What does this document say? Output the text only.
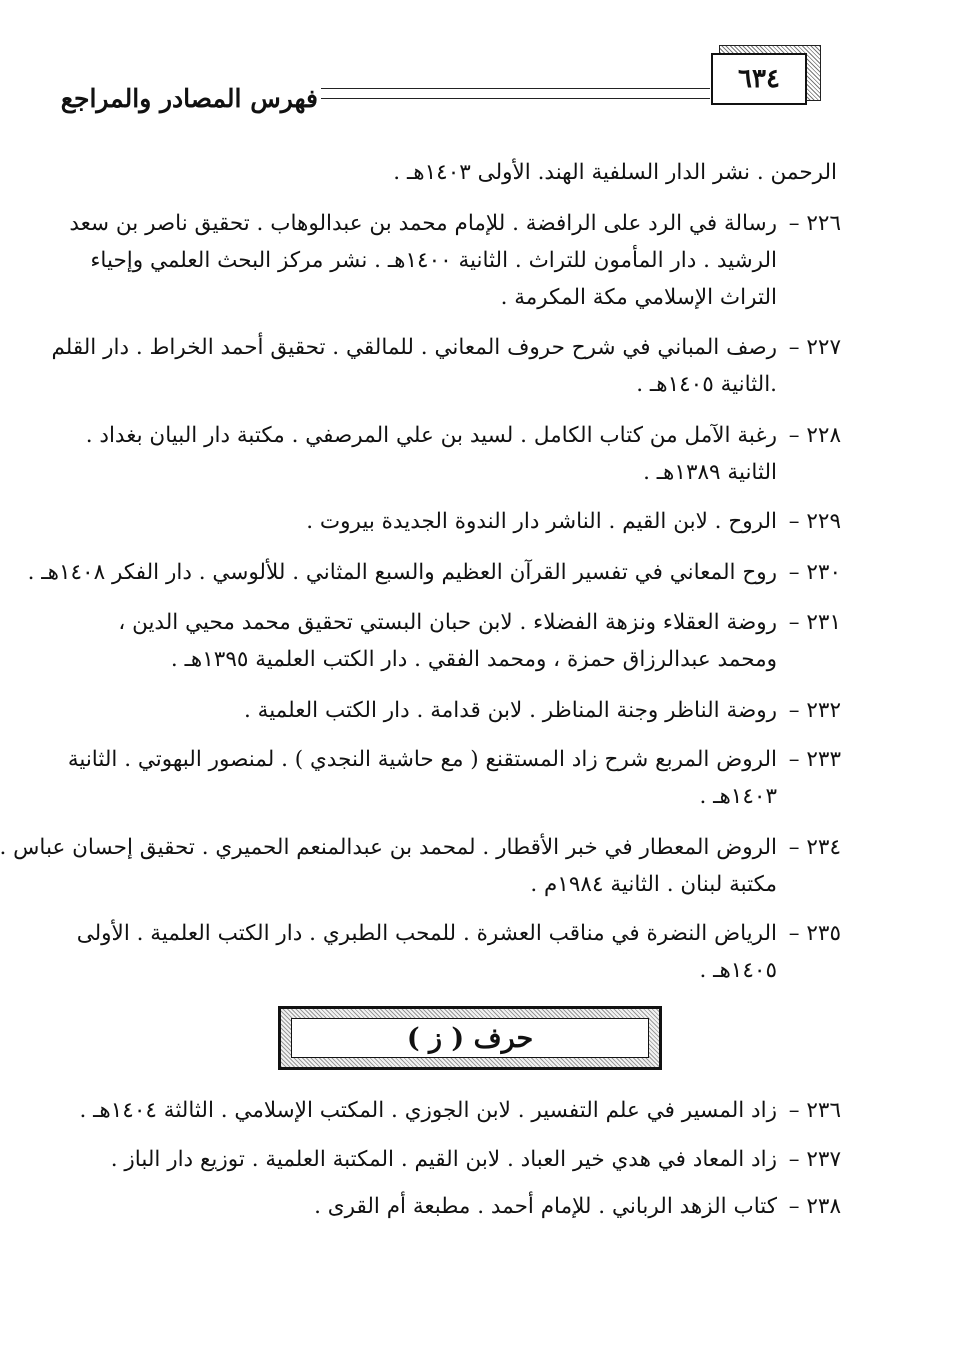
فهرس المصادر والمراجع
٦٣٤
الرحمن . نشر الدار السلفية الهند. الأولى ١٤٠٣هـ .
٢٢٦ –
رسالة في الرد على الرافضة . للإمام محمد بن عبدالوهاب . تحقيق ناصر بن سعد
الرشيد . دار المأمون للتراث . الثانية ١٤٠٠هـ . نشر مركز البحث العلمي وإحياء
التراث الإسلامي مكة المكرمة .
٢٢٧ –
رصف المباني في شرح حروف المعاني . للمالقي . تحقيق أحمد الخراط . دار القلم
.الثانية ١٤٠٥هـ .
٢٢٨ –
رغبة الآمل من كتاب الكامل . لسيد بن علي المرصفي . مكتبة دار البيان بغداد .
الثانية ١٣٨٩هـ .
٢٢٩ –
الروح . لابن القيم . الناشر دار الندوة الجديدة بيروت .
٢٣٠ –
روح المعاني في تفسير القرآن العظيم والسبع المثاني . للألوسي . دار الفكر ١٤٠٨هـ .
٢٣١ –
روضة العقلاء ونزهة الفضلاء . لابن حبان البستي تحقيق محمد محيي الدين ،
ومحمد عبدالرزاق حمزة ، ومحمد الفقي . دار الكتب العلمية ١٣٩٥هـ .
٢٣٢ –
روضة الناظر وجنة المناظر . لابن قدامة . دار الكتب العلمية .
٢٣٣ –
الروض المربع شرح زاد المستقنع ( مع حاشية النجدي ) . لمنصور البهوتي . الثانية
١٤٠٣هـ .
٢٣٤ –
الروض المعطار في خبر الأقطار . لمحمد بن عبدالمنعم الحميري . تحقيق إحسان عباس .
مكتبة لبنان . الثانية ١٩٨٤م .
٢٣٥ –
الرياض النضرة في مناقب العشرة . للمحب الطبري . دار الكتب العلمية . الأولى
١٤٠٥هـ .
حرف ( ز )
٢٣٦ –
زاد المسير في علم التفسير . لابن الجوزي . المكتب الإسلامي . الثالثة ١٤٠٤هـ .
٢٣٧ –
زاد المعاد في هدي خير العباد . لابن القيم . المكتبة العلمية . توزيع دار الباز .
٢٣٨ –
كتاب الزهد الرباني . للإمام أحمد . مطبعة أم القرى .
